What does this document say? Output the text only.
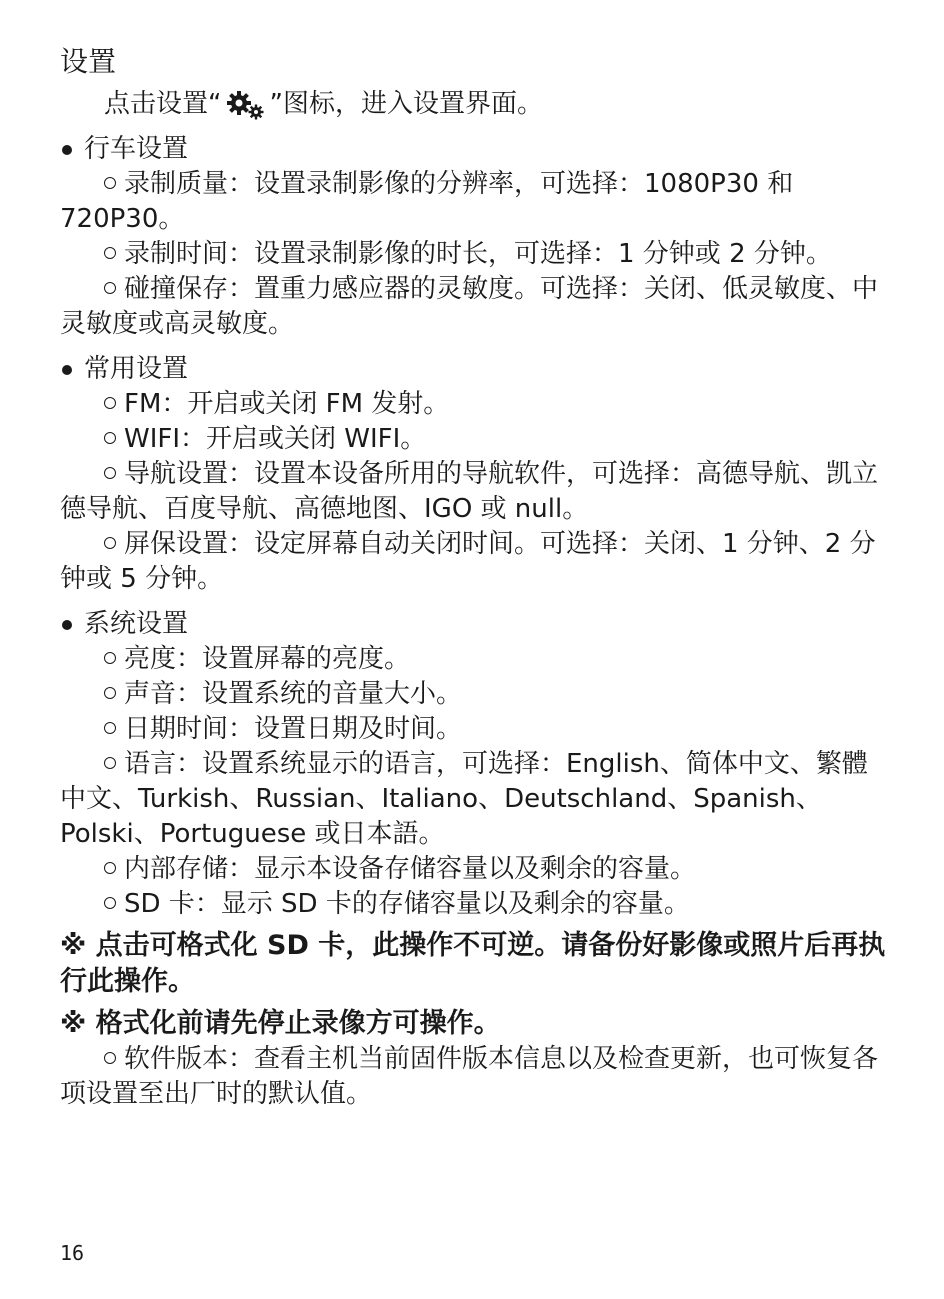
设置
点击设置“ ”图标，进入设置界面。
行车设置
录制质量：设置录制影像的分辨率，可选择：1080P30 和 720P30。
录制时间：设置录制影像的时长，可选择：1 分钟或 2 分钟。
碰撞保存：置重力感应器的灵敏度。可选择：关闭、低灵敏度、中灵敏度或高灵敏度。
常用设置
FM：开启或关闭 FM 发射。
WIFI：开启或关闭 WIFI。
导航设置：设置本设备所用的导航软件，可选择：高德导航、凯立德导航、百度导航、高德地图、IGO 或 null。
屏保设置：设定屏幕自动关闭时间。可选择：关闭、1 分钟、2 分钟或 5 分钟。
系统设置
亮度：设置屏幕的亮度。
声音：设置系统的音量大小。
日期时间：设置日期及时间。
语言：设置系统显示的语言，可选择：English、简体中文、繁體中文、Turkish、Russian、Italiano、Deutschland、Spanish、Polski、Portuguese 或日本語。
内部存储：显示本设备存储容量以及剩余的容量。
SD 卡：显示 SD 卡的存储容量以及剩余的容量。
※ 点击可格式化 SD 卡，此操作不可逆。请备份好影像或照片后再执行此操作。
※ 格式化前请先停止录像方可操作。
软件版本：查看主机当前固件版本信息以及检查更新，也可恢复各项设置至出厂时的默认值。
16
